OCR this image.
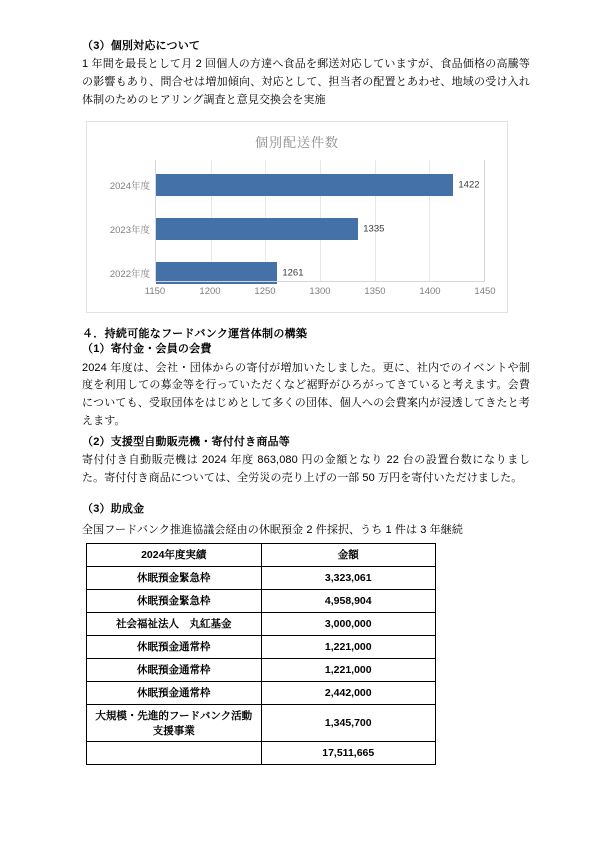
（3）個別対応について
1 年間を最長として月 2 回個人の方達へ食品を郵送対応していますが、食品価格の高騰等の影響もあり、問合せは増加傾向、対応として、担当者の配置とあわせ、地域の受け入れ体制のためのヒアリング調査と意見交換会を実施
個別配送件数
1422
2024年度
1335
2023年度
1261
2022年度
1150	1200	1250	1300	1350	1400	1450
４．持続可能なフードバンク運営体制の構築
（1）寄付金・会員の会費
2024 年度は、会社・団体からの寄付が増加いたしました。更に、社内でのイベントや制度を利用しての募金等を行っていただくなど裾野がひろがってきていると考えます。会費についても、受取団体をはじめとして多くの団体、個人への会費案内が浸透してきたと考えます。
（2）支援型自動販売機・寄付付き商品等
寄付付き自動販売機は 2024 年度 863,080 円の金額となり 22 台の設置台数になりました。寄付付き商品については、全労災の売り上げの一部 50 万円を寄付いただけました。
（3）助成金
全国フードバンク推進協議会経由の休眠預金 2 件採択、うち 1 件は 3 年継続
2024年度実績	金額
休眠預金緊急枠	3,323,061
休眠預金緊急枠	4,958,904
社会福祉法人　丸紅基金	3,000,000
休眠預金通常枠	1,221,000
休眠預金通常枠	1,221,000
休眠預金通常枠	2,442,000
大規模・先進的フードバンク活動支援事業	1,345,700
	17,511,665
